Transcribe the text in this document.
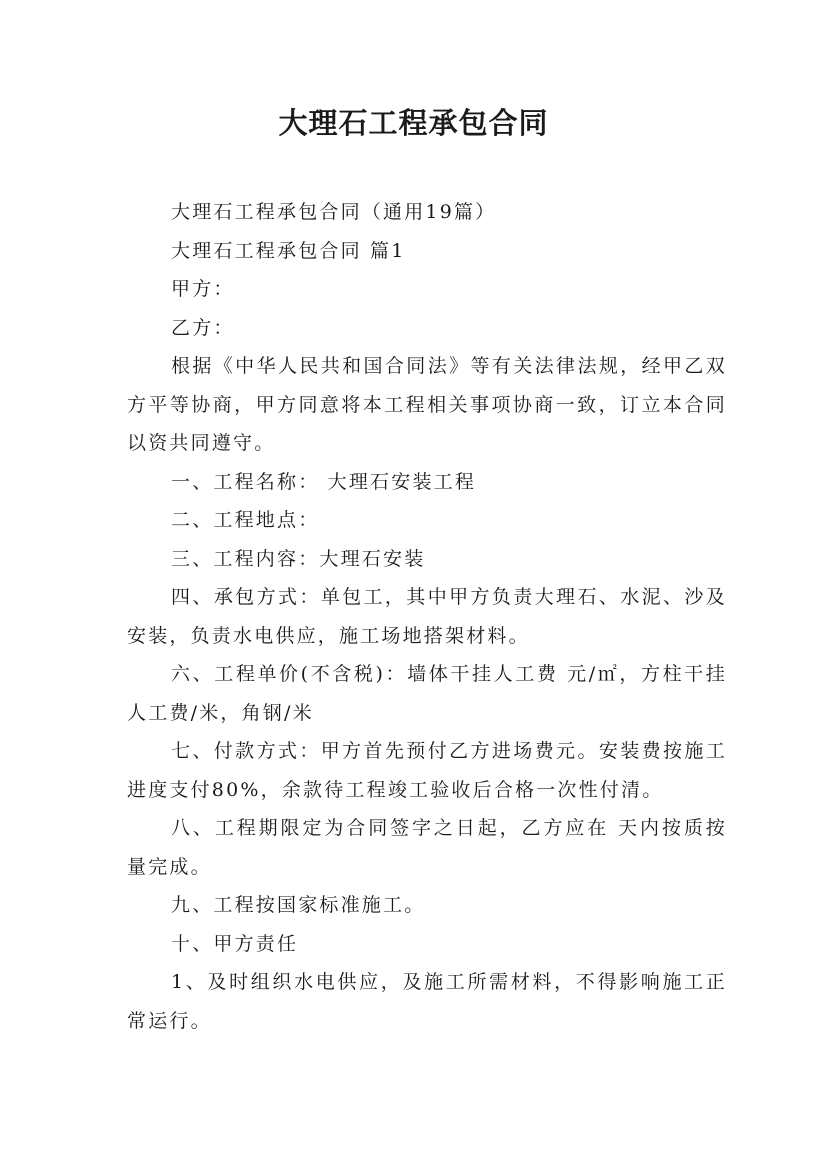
大理石工程承包合同

大理石工程承包合同（通用19篇）

大理石工程承包合同 篇1

甲方：

乙方：

根据《中华人民共和国合同法》等有关法律法规，经甲乙双方平等协商，甲方同意将本工程相关事项协商一致，订立本合同以资共同遵守。

一、工程名称： 大理石安装工程

二、工程地点：

三、工程内容：大理石安装

四、承包方式：单包工，其中甲方负责大理石、水泥、沙及安装，负责水电供应，施工场地搭架材料。

六、工程单价(不含税)：墙体干挂人工费 元/㎡，方柱干挂人工费/米，角钢/米

七、付款方式：甲方首先预付乙方进场费元。安装费按施工进度支付80%，余款待工程竣工验收后合格一次性付清。

八、工程期限定为合同签字之日起，乙方应在 天内按质按量完成。

九、工程按国家标准施工。

十、甲方责任

1、及时组织水电供应，及施工所需材料，不得影响施工正常运行。
